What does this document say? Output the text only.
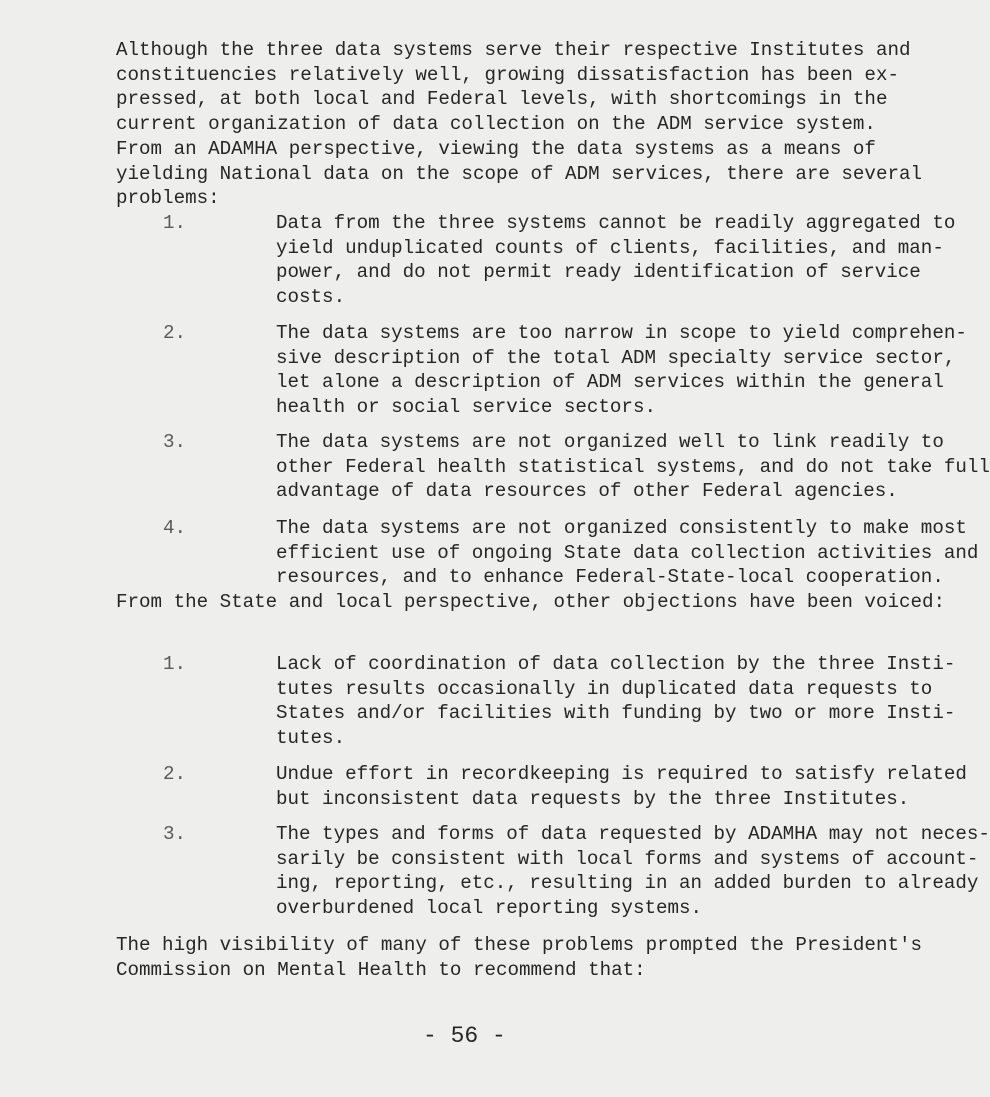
Although the three data systems serve their respective Institutes and
constituencies relatively well, growing dissatisfaction has been ex-
pressed, at both local and Federal levels, with shortcomings in the
current organization of data collection on the ADM service system.

From an ADAMHA perspective, viewing the data systems as a means of
yielding National data on the scope of ADM services, there are several
problems:

1.	Data from the three systems cannot be readily aggregated to
yield unduplicated counts of clients, facilities, and man-
power, and do not permit ready identification of service
costs.

2.	The data systems are too narrow in scope to yield comprehen-
sive description of the total ADM specialty service sector,
let alone a description of ADM services within the general
health or social service sectors.

3.	The data systems are not organized well to link readily to
other Federal health statistical systems, and do not take full
advantage of data resources of other Federal agencies.

4.	The data systems are not organized consistently to make most
efficient use of ongoing State data collection activities and
resources, and to enhance Federal-State-local cooperation.

From the State and local perspective, other objections have been voiced:

1.	Lack of coordination of data collection by the three Insti-
tutes results occasionally in duplicated data requests to
States and/or facilities with funding by two or more Insti-
tutes.

2.	Undue effort in recordkeeping is required to satisfy related
but inconsistent data requests by the three Institutes.

3.	The types and forms of data requested by ADAMHA may not neces-
sarily be consistent with local forms and systems of account-
ing, reporting, etc., resulting in an added burden to already
overburdened local reporting systems.

The high visibility of many of these problems prompted the President's
Commission on Mental Health to recommend that:

- 56 -
